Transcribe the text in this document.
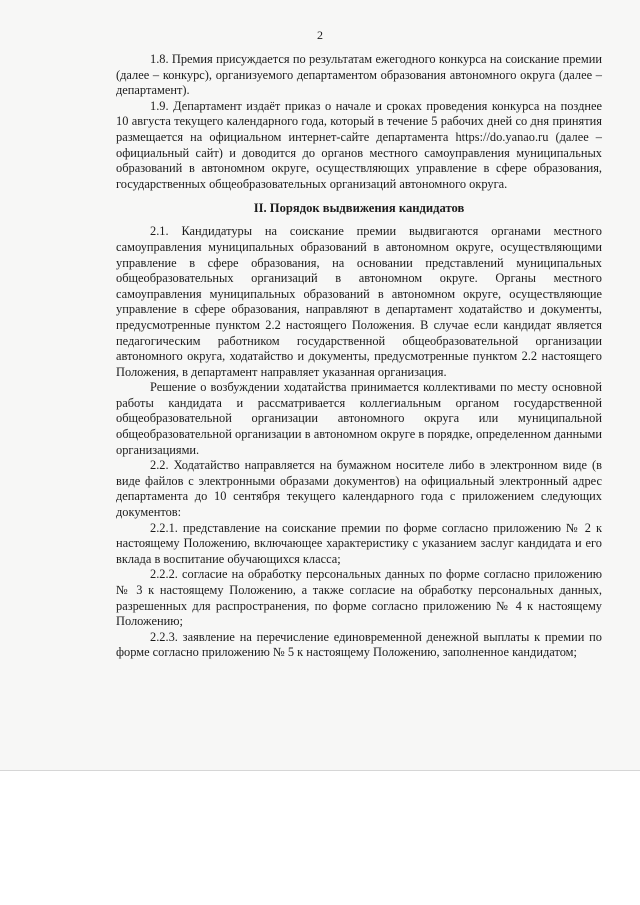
2

1.8. Премия присуждается по результатам ежегодного конкурса на соискание премии (далее – конкурс), организуемого департаментом образования автономного округа (далее – департамент).

1.9. Департамент издаёт приказ о начале и сроках проведения конкурса на позднее 10 августа текущего календарного года, который в течение 5 рабочих дней со дня принятия размещается на официальном интернет-сайте департамента https://do.yanao.ru (далее – официальный сайт) и доводится до органов местного самоуправления муниципальных образований в автономном округе, осуществляющих управление в сфере образования, государственных общеобразовательных организаций автономного округа.

II. Порядок выдвижения кандидатов

2.1. Кандидатуры на соискание премии выдвигаются органами местного самоуправления муниципальных образований в автономном округе, осуществляющими управление в сфере образования, на основании представлений муниципальных общеобразовательных организаций в автономном округе. Органы местного самоуправления муниципальных образований в автономном округе, осуществляющие управление в сфере образования, направляют в департамент ходатайство и документы, предусмотренные пунктом 2.2 настоящего Положения. В случае если кандидат является педагогическим работником государственной общеобразовательной организации автономного округа, ходатайство и документы, предусмотренные пунктом 2.2 настоящего Положения, в департамент направляет указанная организация.

Решение о возбуждении ходатайства принимается коллективами по месту основной работы кандидата и рассматривается коллегиальным органом государственной общеобразовательной организации автономного округа или муниципальной общеобразовательной организации в автономном округе в порядке, определенном данными организациями.

2.2. Ходатайство направляется на бумажном носителе либо в электронном виде (в виде файлов с электронными образами документов) на официальный электронный адрес департамента до 10 сентября текущего календарного года с приложением следующих документов:

2.2.1. представление на соискание премии по форме согласно приложению № 2 к настоящему Положению, включающее характеристику с указанием заслуг кандидата и его вклада в воспитание обучающихся класса;

2.2.2. согласие на обработку персональных данных по форме согласно приложению № 3 к настоящему Положению, а также согласие на обработку персональных данных, разрешенных для распространения, по форме согласно приложению № 4 к настоящему Положению;

2.2.3. заявление на перечисление единовременной денежной выплаты к премии по форме согласно приложению № 5 к настоящему Положению, заполненное кандидатом;
